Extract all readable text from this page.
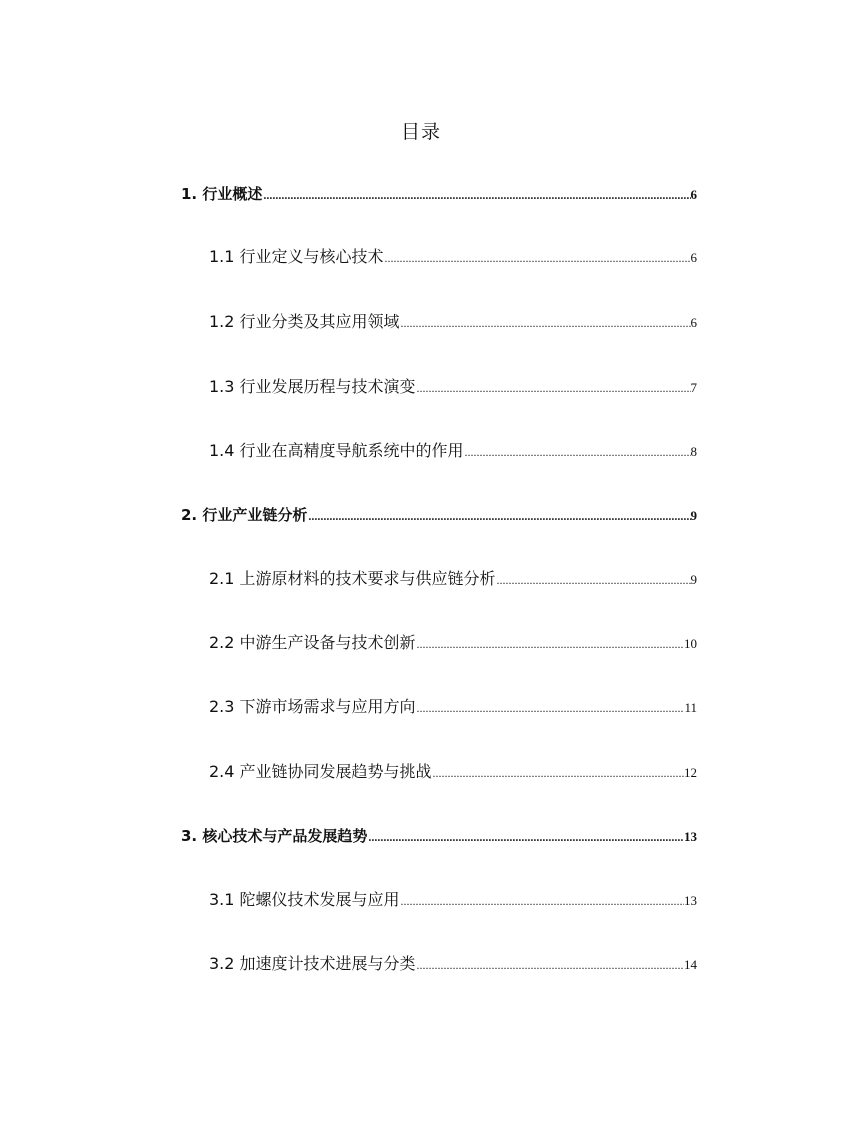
目录
1. 行业概述 .....	6
1.1 行业定义与核心技术 .....	6
1.2 行业分类及其应用领域 .....	6
1.3 行业发展历程与技术演变 .....	7
1.4 行业在高精度导航系统中的作用 .....	8
2. 行业产业链分析 .....	9
2.1 上游原材料的技术要求与供应链分析 .....	9
2.2 中游生产设备与技术创新 .....	10
2.3 下游市场需求与应用方向 .....	11
2.4 产业链协同发展趋势与挑战 .....	12
3. 核心技术与产品发展趋势 .....	13
3.1 陀螺仪技术发展与应用 .....	13
3.2 加速度计技术进展与分类 .....	14
